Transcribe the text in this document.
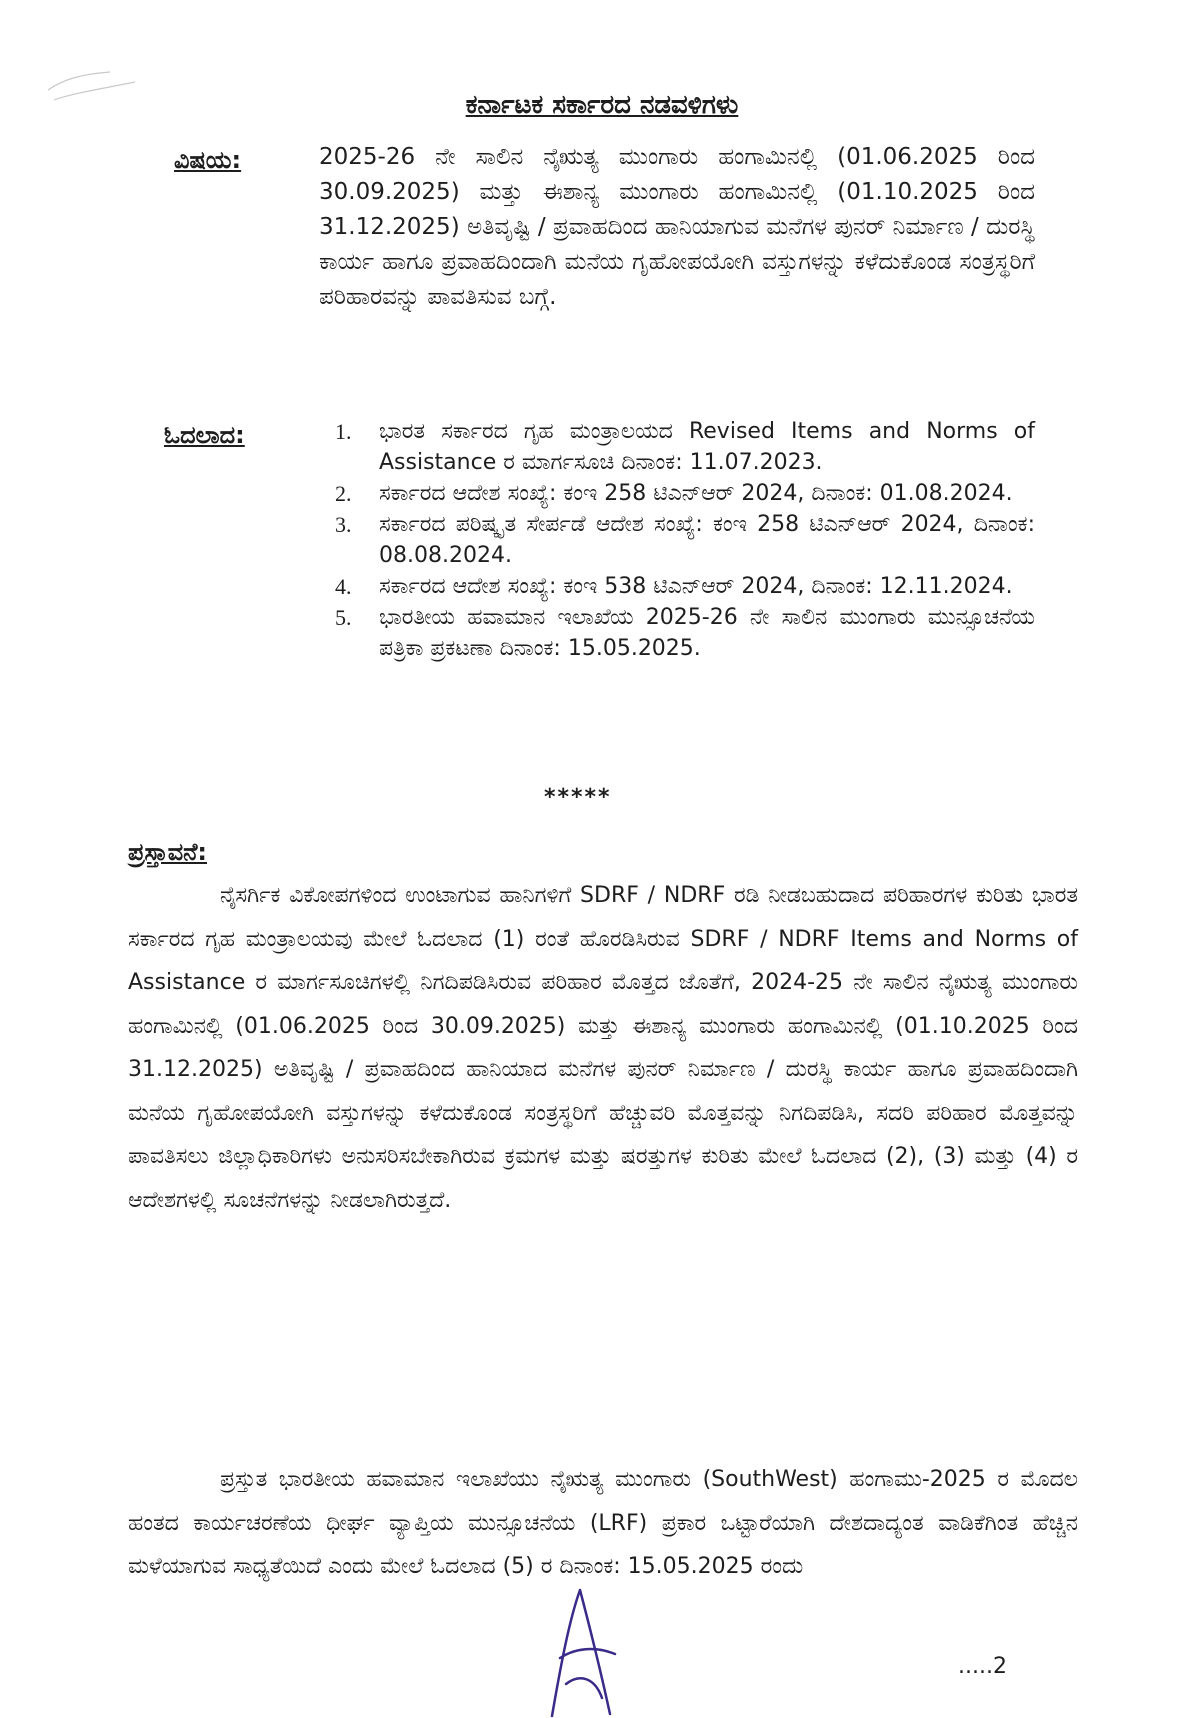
ಕರ್ನಾಟಕ ಸರ್ಕಾರದ ನಡವಳಿಗಳು
ವಿಷಯ:	2025-26 ನೇ ಸಾಲಿನ ನೈಋತ್ಯ ಮುಂಗಾರು ಹಂಗಾಮಿನಲ್ಲಿ (01.06.2025 ರಿಂದ 30.09.2025) ಮತ್ತು ಈಶಾನ್ಯ ಮುಂಗಾರು ಹಂಗಾಮಿನಲ್ಲಿ (01.10.2025 ರಿಂದ 31.12.2025) ಅತಿವೃಷ್ಟಿ / ಪ್ರವಾಹದಿಂದ ಹಾನಿಯಾಗುವ ಮನೆಗಳ ಪುನರ್ ನಿರ್ಮಾಣ / ದುರಸ್ಥಿ ಕಾರ್ಯ ಹಾಗೂ ಪ್ರವಾಹದಿಂದಾಗಿ ಮನೆಯ ಗೃಹೋಪಯೋಗಿ ವಸ್ತುಗಳನ್ನು ಕಳೆದುಕೊಂಡ ಸಂತ್ರಸ್ಥರಿಗೆ ಪರಿಹಾರವನ್ನು ಪಾವತಿಸುವ ಬಗ್ಗೆ.
ಓದಲಾದ:	1.	ಭಾರತ ಸರ್ಕಾರದ ಗೃಹ ಮಂತ್ರಾಲಯದ Revised Items and Norms of Assistance ರ ಮಾರ್ಗಸೂಚಿ ದಿನಾಂಕ: 11.07.2023.
2.	ಸರ್ಕಾರದ ಆದೇಶ ಸಂಖ್ಯೆ: ಕಂಇ 258 ಟಿಎನ್‌ಆರ್ 2024, ದಿನಾಂಕ: 01.08.2024.
3.	ಸರ್ಕಾರದ ಪರಿಷ್ಕೃತ ಸೇರ್ಪಡೆ ಆದೇಶ ಸಂಖ್ಯೆ: ಕಂಇ 258 ಟಿಎನ್‌ಆರ್ 2024, ದಿನಾಂಕ: 08.08.2024.
4.	ಸರ್ಕಾರದ ಆದೇಶ ಸಂಖ್ಯೆ: ಕಂಇ 538 ಟಿಎನ್‌ಆರ್ 2024, ದಿನಾಂಕ: 12.11.2024.
5.	ಭಾರತೀಯ ಹವಾಮಾನ ಇಲಾಖೆಯ 2025-26 ನೇ ಸಾಲಿನ ಮುಂಗಾರು ಮುನ್ಸೂಚನೆಯ ಪತ್ರಿಕಾ ಪ್ರಕಟಣಾ ದಿನಾಂಕ: 15.05.2025.
*****
ಪ್ರಸ್ತಾವನೆ:
ನೈಸರ್ಗಿಕ ವಿಕೋಪಗಳಿಂದ ಉಂಟಾಗುವ ಹಾನಿಗಳಿಗೆ SDRF / NDRF ರಡಿ ನೀಡಬಹುದಾದ ಪರಿಹಾರಗಳ ಕುರಿತು ಭಾರತ ಸರ್ಕಾರದ ಗೃಹ ಮಂತ್ರಾಲಯವು ಮೇಲೆ ಓದಲಾದ (1) ರಂತೆ ಹೊರಡಿಸಿರುವ SDRF / NDRF Items and Norms of Assistance ರ ಮಾರ್ಗಸೂಚಿಗಳಲ್ಲಿ ನಿಗದಿಪಡಿಸಿರುವ ಪರಿಹಾರ ಮೊತ್ತದ ಜೊತೆಗೆ, 2024-25 ನೇ ಸಾಲಿನ ನೈಋತ್ಯ ಮುಂಗಾರು ಹಂಗಾಮಿನಲ್ಲಿ (01.06.2025 ರಿಂದ 30.09.2025) ಮತ್ತು ಈಶಾನ್ಯ ಮುಂಗಾರು ಹಂಗಾಮಿನಲ್ಲಿ (01.10.2025 ರಿಂದ 31.12.2025) ಅತಿವೃಷ್ಟಿ / ಪ್ರವಾಹದಿಂದ ಹಾನಿಯಾದ ಮನೆಗಳ ಪುನರ್ ನಿರ್ಮಾಣ / ದುರಸ್ಥಿ ಕಾರ್ಯ ಹಾಗೂ ಪ್ರವಾಹದಿಂದಾಗಿ ಮನೆಯ ಗೃಹೋಪಯೋಗಿ ವಸ್ತುಗಳನ್ನು ಕಳೆದುಕೊಂಡ ಸಂತ್ರಸ್ಥರಿಗೆ ಹೆಚ್ಚುವರಿ ಮೊತ್ತವನ್ನು ನಿಗದಿಪಡಿಸಿ, ಸದರಿ ಪರಿಹಾರ ಮೊತ್ತವನ್ನು ಪಾವತಿಸಲು ಜಿಲ್ಲಾಧಿಕಾರಿಗಳು ಅನುಸರಿಸಬೇಕಾಗಿರುವ ಕ್ರಮಗಳ ಮತ್ತು ಷರತ್ತುಗಳ ಕುರಿತು ಮೇಲೆ ಓದಲಾದ (2), (3) ಮತ್ತು (4) ರ ಆದೇಶಗಳಲ್ಲಿ ಸೂಚನೆಗಳನ್ನು ನೀಡಲಾಗಿರುತ್ತದೆ.
ಪ್ರಸ್ತುತ ಭಾರತೀಯ ಹವಾಮಾನ ಇಲಾಖೆಯು ನೈಋತ್ಯ ಮುಂಗಾರು (SouthWest) ಹಂಗಾಮು-2025 ರ ಮೊದಲ ಹಂತದ ಕಾರ್ಯಚರಣೆಯ ಧೀರ್ಘ ವ್ಯಾಪ್ತಿಯ ಮುನ್ಸೂಚನೆಯ (LRF) ಪ್ರಕಾರ ಒಟ್ಟಾರೆಯಾಗಿ ದೇಶದಾದ್ಯಂತ ವಾಡಿಕೆಗಿಂತ ಹೆಚ್ಚಿನ ಮಳೆಯಾಗುವ ಸಾಧ್ಯತೆಯಿದೆ ಎಂದು ಮೇಲೆ ಓದಲಾದ (5) ರ ದಿನಾಂಕ: 15.05.2025 ರಂದು
.....2
